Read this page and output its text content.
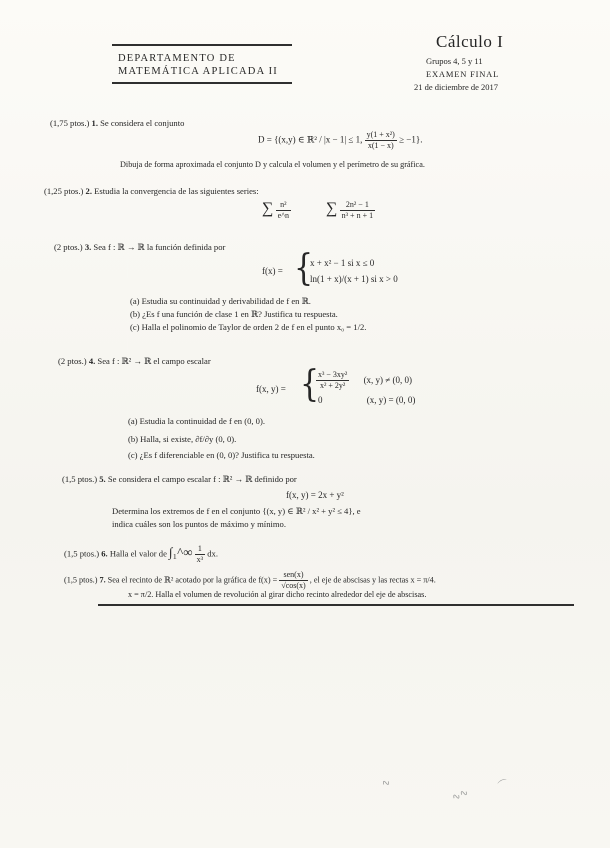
DEPARTAMENTO DE
MATEMÁTICA APLICADA II
Cálculo I
Grupos 4, 5 y 11
EXAMEN FINAL
21 de diciembre de 2017
(1,75 ptos.) 1. Se considera el conjunto
D = {(x,y) ∈ ℝ² / |x − 1| ≤ 1, $\frac{\text{y(1 + x²)}}{x(1 - x)} \ge -1$}.
Dibuja de forma aproximada el conjunto D y calcula el volumen y el perímetro de su gráfica.
(1,25 ptos.) 2. Estudia la convergencia de las siguientes series:
∑ $\frac{\text{n²}}{e\^{}n}$ ∑ $\frac{\text{2n² − 1}}{\text{n³ + n + 1}}$
(2 ptos.) 3. Sea f : ℝ → ℝ la función definida por
f(x) = {
x + x² − 1 si x ≤ 0
ln(1 + x)/(x + 1) si x > 0
(a) Estudia su continuidad y derivabilidad de f en ℝ.
(b) ¿Es f una función de clase 1 en ℝ? Justifica tu respuesta.
(c) Halla el polinomio de Taylor de orden 2 de f en el punto x₀ = 1/2.
(2 ptos.) 4. Sea f : ℝ² → ℝ el campo escalar
f(x, y) = {
$\frac{\text{x³ − 3xy²}}{\text{x² + 2y²}} (x$, y) ≠ (0, 0)
0	(x, y) = (0, 0)
(a) Estudia la continuidad de f en (0, 0).
(b) Halla, si existe, ∂f/∂y (0, 0).
(c) ¿Es f diferenciable en (0, 0)? Justifica tu respuesta.
(1,5 ptos.) 5. Se considera el campo escalar f : ℝ² → ℝ definido por
f(x, y) = 2x + y²
Determina los extremos de f en el conjunto {(x, y) ∈ ℝ² / x² + y² ≤ 4}, e
indica cuáles son los puntos de máximo y mínimo.
(1,5 ptos.) 6. Halla el valor de ∫₁^∞ $\frac{1}{\text{x³}}$ dx.
(1,5 ptos.) 7. Sea el recinto de ℝ² acotado por la gráfica de $f(x) = \frac{\text{sen(x)}}{√\cos(x)}$ , el eje de abscisas y las rectas x = π/4.
x = π/2. Halla el volumen de revolución al girar dicho recinto alrededor del eje de abscisas.
∿
∿∿
⌒
